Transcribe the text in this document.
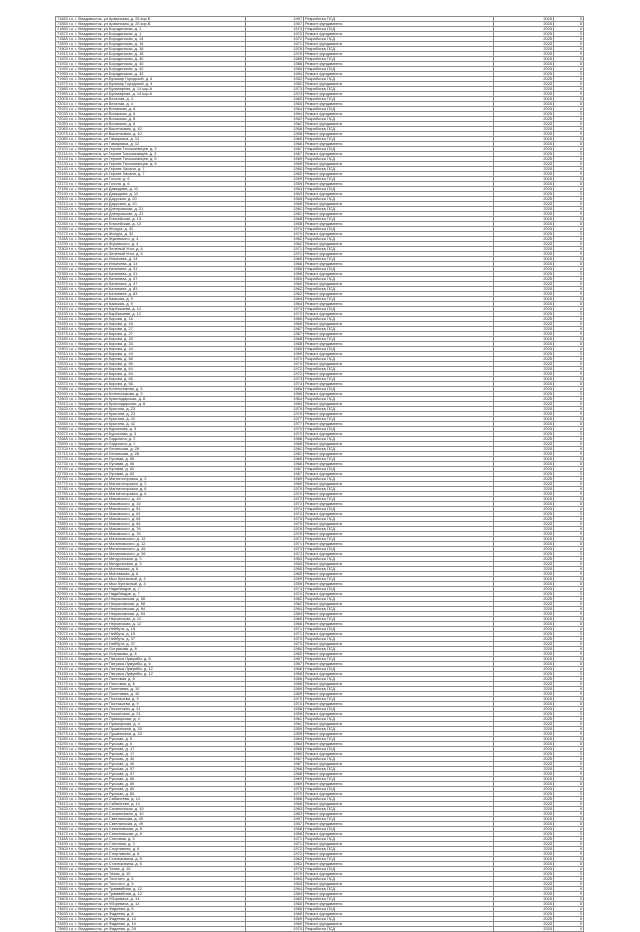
71843 г.о. г. Владивосток, ул Армянская, д. 25 кор.Б	1957	Разработка ПСД	2025	0
71853 г.о. г. Владивосток, ул Армянская, д. 25 кор.В	1957	Ремонт фундамента	2025	0
71863 г.о. г. Владивосток, ул Бородинская, д. 1	1973	Разработка ПСД	2025	0
71873 г.о. г. Владивосток, ул Бородинская, д. 1	1973	Ремонт фундамента	2025	0
71883 г.о. г. Владивосток, ул Бородинская, д. 14	1972	Разработка ПСД	2025	0
71893 г.о. г. Владивосток, ул Бородинская, д. 14	1972	Ремонт фундамента	2025	0
71903 г.о. г. Владивосток, ул Бородинская, д. 18	1978	Разработка ПСД	2025	0
71913 г.о. г. Владивосток, ул Бородинская, д. 18	1978	Ремонт фундамента	2025	0
71923 г.о. г. Владивосток, ул Бородинская, д. 40	1986	Разработка ПСД	2025	0
71933 г.о. г. Владивосток, ул Бородинская, д. 40	1986	Ремонт фундамента	2025	0
71943 г.о. г. Владивосток, ул Бородинская, д. 42	1984	Разработка ПСД	2025	0
71953 г.о. г. Владивосток, ул Бородинская, д. 42	1984	Ремонт фундамента	2025	0
71963 г.о. г. Владивосток, ул Бульвар Городской, д. 4	1952	Разработка ПСД	2025	0
71973 г.о. г. Владивосток, ул Бульвар Городской, д. 4	1952	Ремонт фундамента	2025	0
71983 г.о. г. Владивосток, ул Бульварная, д. 14 кор.А	1973	Разработка ПСД	2025	0
71993 г.о. г. Владивосток, ул Бульварная, д. 14 кор.А	1973	Ремонт фундамента	2025	0
72003 г.о. г. Владивосток, ул Веселая, д. 4	1960	Разработка ПСД	2025	0
72013 г.о. г. Владивосток, ул Веселая, д. 4	1960	Ремонт фундамента	2025	0
72023 г.о. г. Владивосток, ул Волжская, д. 6	1964	Разработка ПСД	2025	0
72033 г.о. г. Владивосток, ул Волжская, д. 6	1964	Ремонт фундамента	2025	0
72043 г.о. г. Владивосток, ул Волжская, д. 8	1962	Разработка ПСД	2025	0
72053 г.о. г. Владивосток, ул Волжская, д. 8	1962	Ремонт фундамента	2025	0
72063 г.о. г. Владивосток, ул Выселковая, д. 10	1958	Разработка ПСД	2025	0
72073 г.о. г. Владивосток, ул Выселковая, д. 10	1958	Ремонт фундамента	2025	0
72083 г.о. г. Владивосток, ул Гамарника, д. 12	1966	Разработка ПСД	2025	0
72093 г.о. г. Владивосток, ул Гамарника, д. 12	1966	Ремонт фундамента	2025	0
72103 г.о. г. Владивосток, ул Героев Тихоокеанцев, д. 3	1967	Разработка ПСД	2025	0
72113 г.о. г. Владивосток, ул Героев Тихоокеанцев, д. 3	1967	Ремонт фундамента	2025	0
72123 г.о. г. Владивосток, ул Героев Тихоокеанцев, д. 5	1969	Разработка ПСД	2025	0
72133 г.о. г. Владивосток, ул Героев Тихоокеанцев, д. 5	1969	Ремонт фундамента	2025	0
72143 г.о. г. Владивосток, ул Героев Хасана, д. 7	1960	Разработка ПСД	2025	0
72153 г.о. г. Владивосток, ул Героев Хасана, д. 7	1960	Ремонт фундамента	2025	0
72163 г.о. г. Владивосток, ул Гоголя, д. 6	1959	Разработка ПСД	2025	0
72173 г.о. г. Владивосток, ул Гоголя, д. 6	1959	Ремонт фундамента	2025	0
72183 г.о. г. Владивосток, ул Давыдова, д. 12	1963	Разработка ПСД	2025	0
72193 г.о. г. Владивосток, ул Давыдова, д. 12	1963	Ремонт фундамента	2025	0
72203 г.о. г. Владивосток, ул Даурская, д. 20	1965	Разработка ПСД	2025	0
72213 г.о. г. Владивосток, ул Даурская, д. 20	1965	Ремонт фундамента	2025	0
72223 г.о. г. Владивосток, ул Днепровская, д. 21	1961	Разработка ПСД	2025	0
72233 г.о. г. Владивосток, ул Днепровская, д. 21	1961	Ремонт фундамента	2025	0
72243 г.о. г. Владивосток, ул Енисейская, д. 13	1968	Разработка ПСД	2025	0
72253 г.о. г. Владивосток, ул Енисейская, д. 13	1968	Ремонт фундамента	2025	0
72263 г.о. г. Владивосток, ул Жигура, д. 32	1970	Разработка ПСД	2025	0
72273 г.о. г. Владивосток, ул Жигура, д. 32	1970	Ремонт фундамента	2025	0
72283 г.о. г. Владивосток, ул Жуковского, д. 4	1962	Разработка ПСД	2025	0
72293 г.о. г. Владивосток, ул Жуковского, д. 4	1962	Ремонт фундамента	2025	0
72303 г.о. г. Владивосток, ул Зеленый Угол, д. 6	1971	Разработка ПСД	2025	0
72313 г.о. г. Владивосток, ул Зеленый Угол, д. 6	1971	Ремонт фундамента	2025	0
72323 г.о. г. Владивосток, ул Ильичева, д. 14	1966	Разработка ПСД	2025	0
72333 г.о. г. Владивосток, ул Ильичева, д. 14	1966	Ремонт фундамента	2025	0
72343 г.о. г. Владивосток, ул Калинина, д. 31	1958	Разработка ПСД	2025	0
72353 г.о. г. Владивосток, ул Калинина, д. 31	1958	Ремонт фундамента	2025	0
72363 г.о. г. Владивосток, ул Калинина, д. 47	1960	Разработка ПСД	2025	0
72373 г.о. г. Владивосток, ул Калинина, д. 47	1960	Ремонт фундамента	2025	0
72383 г.о. г. Владивосток, ул Калинина, д. 83	1962	Разработка ПСД	2025	0
72393 г.о. г. Владивосток, ул Калинина, д. 83	1962	Ремонт фундамента	2025	0
72403 г.о. г. Владивосток, ул Камская, д. 9	1964	Разработка ПСД	2025	0
72413 г.о. г. Владивосток, ул Камская, д. 9	1964	Ремонт фундамента	2025	0
72423 г.о. г. Владивосток, ул Карбышева, д. 12	1973	Разработка ПСД	2025	0
72433 г.о. г. Владивосток, ул Карбышева, д. 12	1973	Ремонт фундамента	2025	0
72443 г.о. г. Владивосток, ул Кирова, д. 16	1965	Разработка ПСД	2025	0
72453 г.о. г. Владивосток, ул Кирова, д. 16	1965	Ремонт фундамента	2025	0
72463 г.о. г. Владивосток, ул Кирова, д. 27	1967	Разработка ПСД	2025	0
72473 г.о. г. Владивосток, ул Кирова, д. 27	1967	Ремонт фундамента	2025	0
72483 г.о. г. Владивосток, ул Кирова, д. 33	1968	Разработка ПСД	2025	0
72493 г.о. г. Владивосток, ул Кирова, д. 33	1968	Ремонт фундамента	2025	0
72503 г.о. г. Владивосток, ул Кирова, д. 44	1969	Разработка ПСД	2025	0
72513 г.о. г. Владивосток, ул Кирова, д. 44	1969	Ремонт фундамента	2025	0
72523 г.о. г. Владивосток, ул Кирова, д. 56	1970	Разработка ПСД	2025	0
72533 г.о. г. Владивосток, ул Кирова, д. 56	1970	Ремонт фундамента	2025	0
72543 г.о. г. Владивосток, ул Кирова, д. 64	1972	Разработка ПСД	2025	0
72553 г.о. г. Владивосток, ул Кирова, д. 64	1972	Ремонт фундамента	2025	0
72563 г.о. г. Владивосток, ул Кирова, д. 66	1973	Разработка ПСД	2025	0
72573 г.о. г. Владивосток, ул Кирова, д. 66	1973	Ремонт фундамента	2025	0
72583 г.о. г. Владивосток, ул Котельникова, д. 5	1966	Разработка ПСД	2025	0
72593 г.о. г. Владивосток, ул Котельникова, д. 5	1966	Ремонт фундамента	2025	0
72603 г.о. г. Владивосток, ул Краснодарская, д. 8	1964	Разработка ПСД	2025	0
72613 г.о. г. Владивосток, ул Краснодарская, д. 8	1964	Ремонт фундамента	2025	0
72623 г.о. г. Владивосток, ул Крыгина, д. 23	1975	Разработка ПСД	2025	0
72633 г.о. г. Владивосток, ул Крыгина, д. 23	1975	Ремонт фундамента	2025	0
72643 г.о. г. Владивосток, ул Крыгина, д. 42	1977	Разработка ПСД	2025	0
72653 г.о. г. Владивосток, ул Крыгина, д. 42	1977	Ремонт фундамента	2025	0
72663 г.о. г. Владивосток, ул Курчатова, д. 3	1970	Разработка ПСД	2025	0
72673 г.о. г. Владивосток, ул Курчатова, д. 3	1970	Ремонт фундамента	2025	0
72683 г.о. г. Владивосток, ул Ладыгина, д. 2	1968	Разработка ПСД	2025	0
72693 г.о. г. Владивосток, ул Ладыгина, д. 2	1968	Ремонт фундамента	2025	0
72703 г.о. г. Владивосток, ул Ленинская, д. 28	1961	Разработка ПСД	2025	0
72713 г.о. г. Владивосток, ул Ленинская, д. 28	1961	Ремонт фундамента	2025	0
72723 г.о. г. Владивосток, ул Луговая, д. 55	1966	Разработка ПСД	2025	0
72733 г.о. г. Владивосток, ул Луговая, д. 55	1966	Ремонт фундамента	2025	0
72743 г.о. г. Владивосток, ул Луговая, д. 62	1967	Разработка ПСД	2025	0
72753 г.о. г. Владивосток, ул Луговая, д. 62	1967	Ремонт фундамента	2025	0
72763 г.о. г. Владивосток, ул Магнитогорская, д. 2	1969	Разработка ПСД	2025	0
72773 г.о. г. Владивосток, ул Магнитогорская, д. 2	1969	Ремонт фундамента	2025	0
72783 г.о. г. Владивосток, ул Магнитогорская, д. 6	1970	Разработка ПСД	2025	0
72793 г.о. г. Владивосток, ул Магнитогорская, д. 6	1970	Ремонт фундамента	2025	0
72803 г.о. г. Владивосток, ул Маковского, д. 15	1972	Разработка ПСД	2025	0
72813 г.о. г. Владивосток, ул Маковского, д. 15	1972	Ремонт фундамента	2025	0
72823 г.о. г. Владивосток, ул Маковского, д. 61	1974	Разработка ПСД	2025	0
72833 г.о. г. Владивосток, ул Маковского, д. 61	1974	Ремонт фундамента	2025	0
72843 г.о. г. Владивосток, ул Маковского, д. 64	1975	Разработка ПСД	2025	0
72853 г.о. г. Владивосток, ул Маковского, д. 64	1975	Ремонт фундамента	2025	0
72863 г.о. г. Владивосток, ул Маковского, д. 78	1976	Разработка ПСД	2025	0
72873 г.о. г. Владивосток, ул Маковского, д. 78	1976	Ремонт фундамента	2025	0
72883 г.о. г. Владивосток, ул Малиновского, д. 12	1971	Разработка ПСД	2025	0
72893 г.о. г. Владивосток, ул Малиновского, д. 12	1971	Ремонт фундамента	2025	0
72903 г.о. г. Владивосток, ул Малиновского, д. 26	1973	Разработка ПСД	2025	0
72913 г.о. г. Владивосток, ул Малиновского, д. 26	1973	Ремонт фундамента	2025	0
72923 г.о. г. Владивосток, ул Мичуринская, д. 3	1963	Разработка ПСД	2025	0
72933 г.о. г. Владивосток, ул Мичуринская, д. 3	1963	Ремонт фундамента	2025	0
72943 г.о. г. Владивосток, ул Монтажная, д. 8	1965	Разработка ПСД	2025	0
72953 г.о. г. Владивосток, ул Монтажная, д. 8	1965	Ремонт фундамента	2025	0
72963 г.о. г. Владивосток, ул Мыс Кунгасный, д. 4	1959	Разработка ПСД	2025	0
72973 г.о. г. Владивосток, ул Мыс Кунгасный, д. 4	1959	Ремонт фундамента	2025	0
72983 г.о. г. Владивосток, ул Надибаидзе, д. 7	1974	Разработка ПСД	2025	0
72993 г.о. г. Владивосток, ул Надибаидзе, д. 7	1974	Ремонт фундамента	2025	0
73003 г.о. г. Владивосток, ул Некрасовская, д. 58	1962	Разработка ПСД	2025	0
73013 г.о. г. Владивосток, ул Некрасовская, д. 58	1962	Ремонт фундамента	2025	0
73023 г.о. г. Владивосток, ул Некрасовская, д. 84	1964	Разработка ПСД	2025	0
73033 г.о. г. Владивосток, ул Некрасовская, д. 84	1964	Ремонт фундамента	2025	0
73043 г.о. г. Владивосток, ул Нерчинская, д. 12	1966	Разработка ПСД	2025	0
73053 г.о. г. Владивосток, ул Нерчинская, д. 12	1966	Ремонт фундамента	2025	0
73063 г.о. г. Владивосток, ул Нейбута, д. 15	1971	Разработка ПСД	2025	0
73073 г.о. г. Владивосток, ул Нейбута, д. 15	1971	Ремонт фундамента	2025	0
73083 г.о. г. Владивосток, ул Нейбута, д. 37	1973	Разработка ПСД	2025	0
73093 г.о. г. Владивосток, ул Нейбута, д. 37	1973	Ремонт фундамента	2025	0
73103 г.о. г. Владивосток, ул Острякова, д. 8	1960	Разработка ПСД	2025	0
73113 г.о. г. Владивосток, ул Острякова, д. 8	1960	Ремонт фундамента	2025	0
73123 г.о. г. Владивосток, ул Патриса Лумумбы, д. 6	1967	Разработка ПСД	2025	0
73133 г.о. г. Владивосток, ул Патриса Лумумбы, д. 6	1967	Ремонт фундамента	2025	0
73143 г.о. г. Владивосток, ул Патриса Лумумбы, д. 12	1968	Разработка ПСД	2025	0
73153 г.о. г. Владивосток, ул Патриса Лумумбы, д. 12	1968	Ремонт фундамента	2025	0
73163 г.о. г. Владивосток, ул Пихтовая, д. 6	1966	Разработка ПСД	2025	0
73173 г.о. г. Владивосток, ул Пихтовая, д. 6	1966	Ремонт фундамента	2025	0
73183 г.о. г. Владивосток, ул Полетаева, д. 10	1969	Разработка ПСД	2025	0
73193 г.о. г. Владивосток, ул Полетаева, д. 10	1969	Ремонт фундамента	2025	0
73203 г.о. г. Владивосток, ул Постышева, д. 9	1970	Разработка ПСД	2025	0
73213 г.о. г. Владивосток, ул Постышева, д. 9	1970	Ремонт фундамента	2025	0
73223 г.о. г. Владивосток, ул Посьетская, д. 21	1958	Разработка ПСД	2025	0
73233 г.о. г. Владивосток, ул Посьетская, д. 21	1958	Ремонт фундамента	2025	0
73243 г.о. г. Владивосток, ул Приморская, д. 4	1961	Разработка ПСД	2025	0
73253 г.о. г. Владивосток, ул Приморская, д. 4	1961	Ремонт фундамента	2025	0
73263 г.о. г. Владивосток, ул Пушкинская, д. 33	1959	Разработка ПСД	2025	0
73273 г.о. г. Владивосток, ул Пушкинская, д. 33	1959	Ремонт фундамента	2025	0
73283 г.о. г. Владивосток, ул Русская, д. 5	1964	Разработка ПСД	2025	0
73293 г.о. г. Владивосток, ул Русская, д. 5	1964	Ремонт фундамента	2025	0
73303 г.о. г. Владивосток, ул Русская, д. 17	1965	Разработка ПСД	2025	0
73313 г.о. г. Владивосток, ул Русская, д. 17	1965	Ремонт фундамента	2025	0
73323 г.о. г. Владивосток, ул Русская, д. 40	1967	Разработка ПСД	2025	0
73333 г.о. г. Владивосток, ул Русская, д. 40	1967	Ремонт фундамента	2025	0
73343 г.о. г. Владивосток, ул Русская, д. 57	1968	Разработка ПСД	2025	0
73353 г.о. г. Владивосток, ул Русская, д. 57	1968	Ремонт фундамента	2025	0
73363 г.о. г. Владивосток, ул Русская, д. 65	1969	Разработка ПСД	2025	0
73373 г.о. г. Владивосток, ул Русская, д. 65	1969	Ремонт фундамента	2025	0
73383 г.о. г. Владивосток, ул Русская, д. 80	1970	Разработка ПСД	2025	0
73393 г.о. г. Владивосток, ул Русская, д. 80	1970	Ремонт фундамента	2025	0
73403 г.о. г. Владивосток, ул Сабанеева, д. 14	1966	Разработка ПСД	2025	0
73413 г.о. г. Владивосток, ул Сабанеева, д. 14	1966	Ремонт фундамента	2025	0
73423 г.о. г. Владивосток, ул Сахалинская, д. 10	1963	Разработка ПСД	2025	0
73433 г.о. г. Владивосток, ул Сахалинская, д. 10	1963	Ремонт фундамента	2025	0
73443 г.о. г. Владивосток, ул Светланская, д. 49	1957	Разработка ПСД	2025	0
73453 г.о. г. Владивосток, ул Светланская, д. 49	1957	Ремонт фундамента	2025	0
73463 г.о. г. Владивосток, ул Семеновская, д. 8	1958	Разработка ПСД	2025	0
73473 г.о. г. Владивосток, ул Семеновская, д. 8	1958	Ремонт фундамента	2025	0
73483 г.о. г. Владивосток, ул Снеговая, д. 3	1971	Разработка ПСД	2025	0
73493 г.о. г. Владивосток, ул Снеговая, д. 3	1971	Ремонт фундамента	2025	0
73503 г.о. г. Владивосток, ул Спортивная, д. 8	1972	Разработка ПСД	2025	0
73513 г.о. г. Владивосток, ул Спортивная, д. 8	1972	Ремонт фундамента	2025	0
73523 г.о. г. Владивосток, ул Станюковича, д. 5	1962	Разработка ПСД	2025	0
73533 г.о. г. Владивосток, ул Станюковича, д. 5	1962	Ремонт фундамента	2025	0
73543 г.о. г. Владивосток, ул Тихая, д. 10	1975	Разработка ПСД	2025	0
73553 г.о. г. Владивосток, ул Тихая, д. 10	1975	Ремонт фундамента	2025	0
73563 г.о. г. Владивосток, ул Толстого, д. 3	1963	Разработка ПСД	2025	0
73573 г.о. г. Владивосток, ул Толстого, д. 3	1963	Ремонт фундамента	2025	0
73583 г.о. г. Владивосток, ул Трамвайная, д. 12	1964	Разработка ПСД	2025	0
73593 г.о. г. Владивосток, ул Трамвайная, д. 12	1964	Ремонт фундамента	2025	0
73603 г.о. г. Владивосток, ул Уборевича, д. 13	1960	Разработка ПСД	2025	0
73613 г.о. г. Владивосток, ул Уборевича, д. 13	1960	Ремонт фундамента	2025	0
73623 г.о. г. Владивосток, ул Фадеева, д. 6	1968	Разработка ПСД	2025	0
73633 г.о. г. Владивосток, ул Фадеева, д. 6	1968	Ремонт фундамента	2025	0
73643 г.о. г. Владивосток, ул Фадеева, д. 14	1969	Разработка ПСД	2025	0
73653 г.о. г. Владивосток, ул Фадеева, д. 14	1969	Ремонт фундамента	2025	0
73663 г.о. г. Владивосток, ул Фадеева, д. 28	1970	Разработка ПСД	2025	0
